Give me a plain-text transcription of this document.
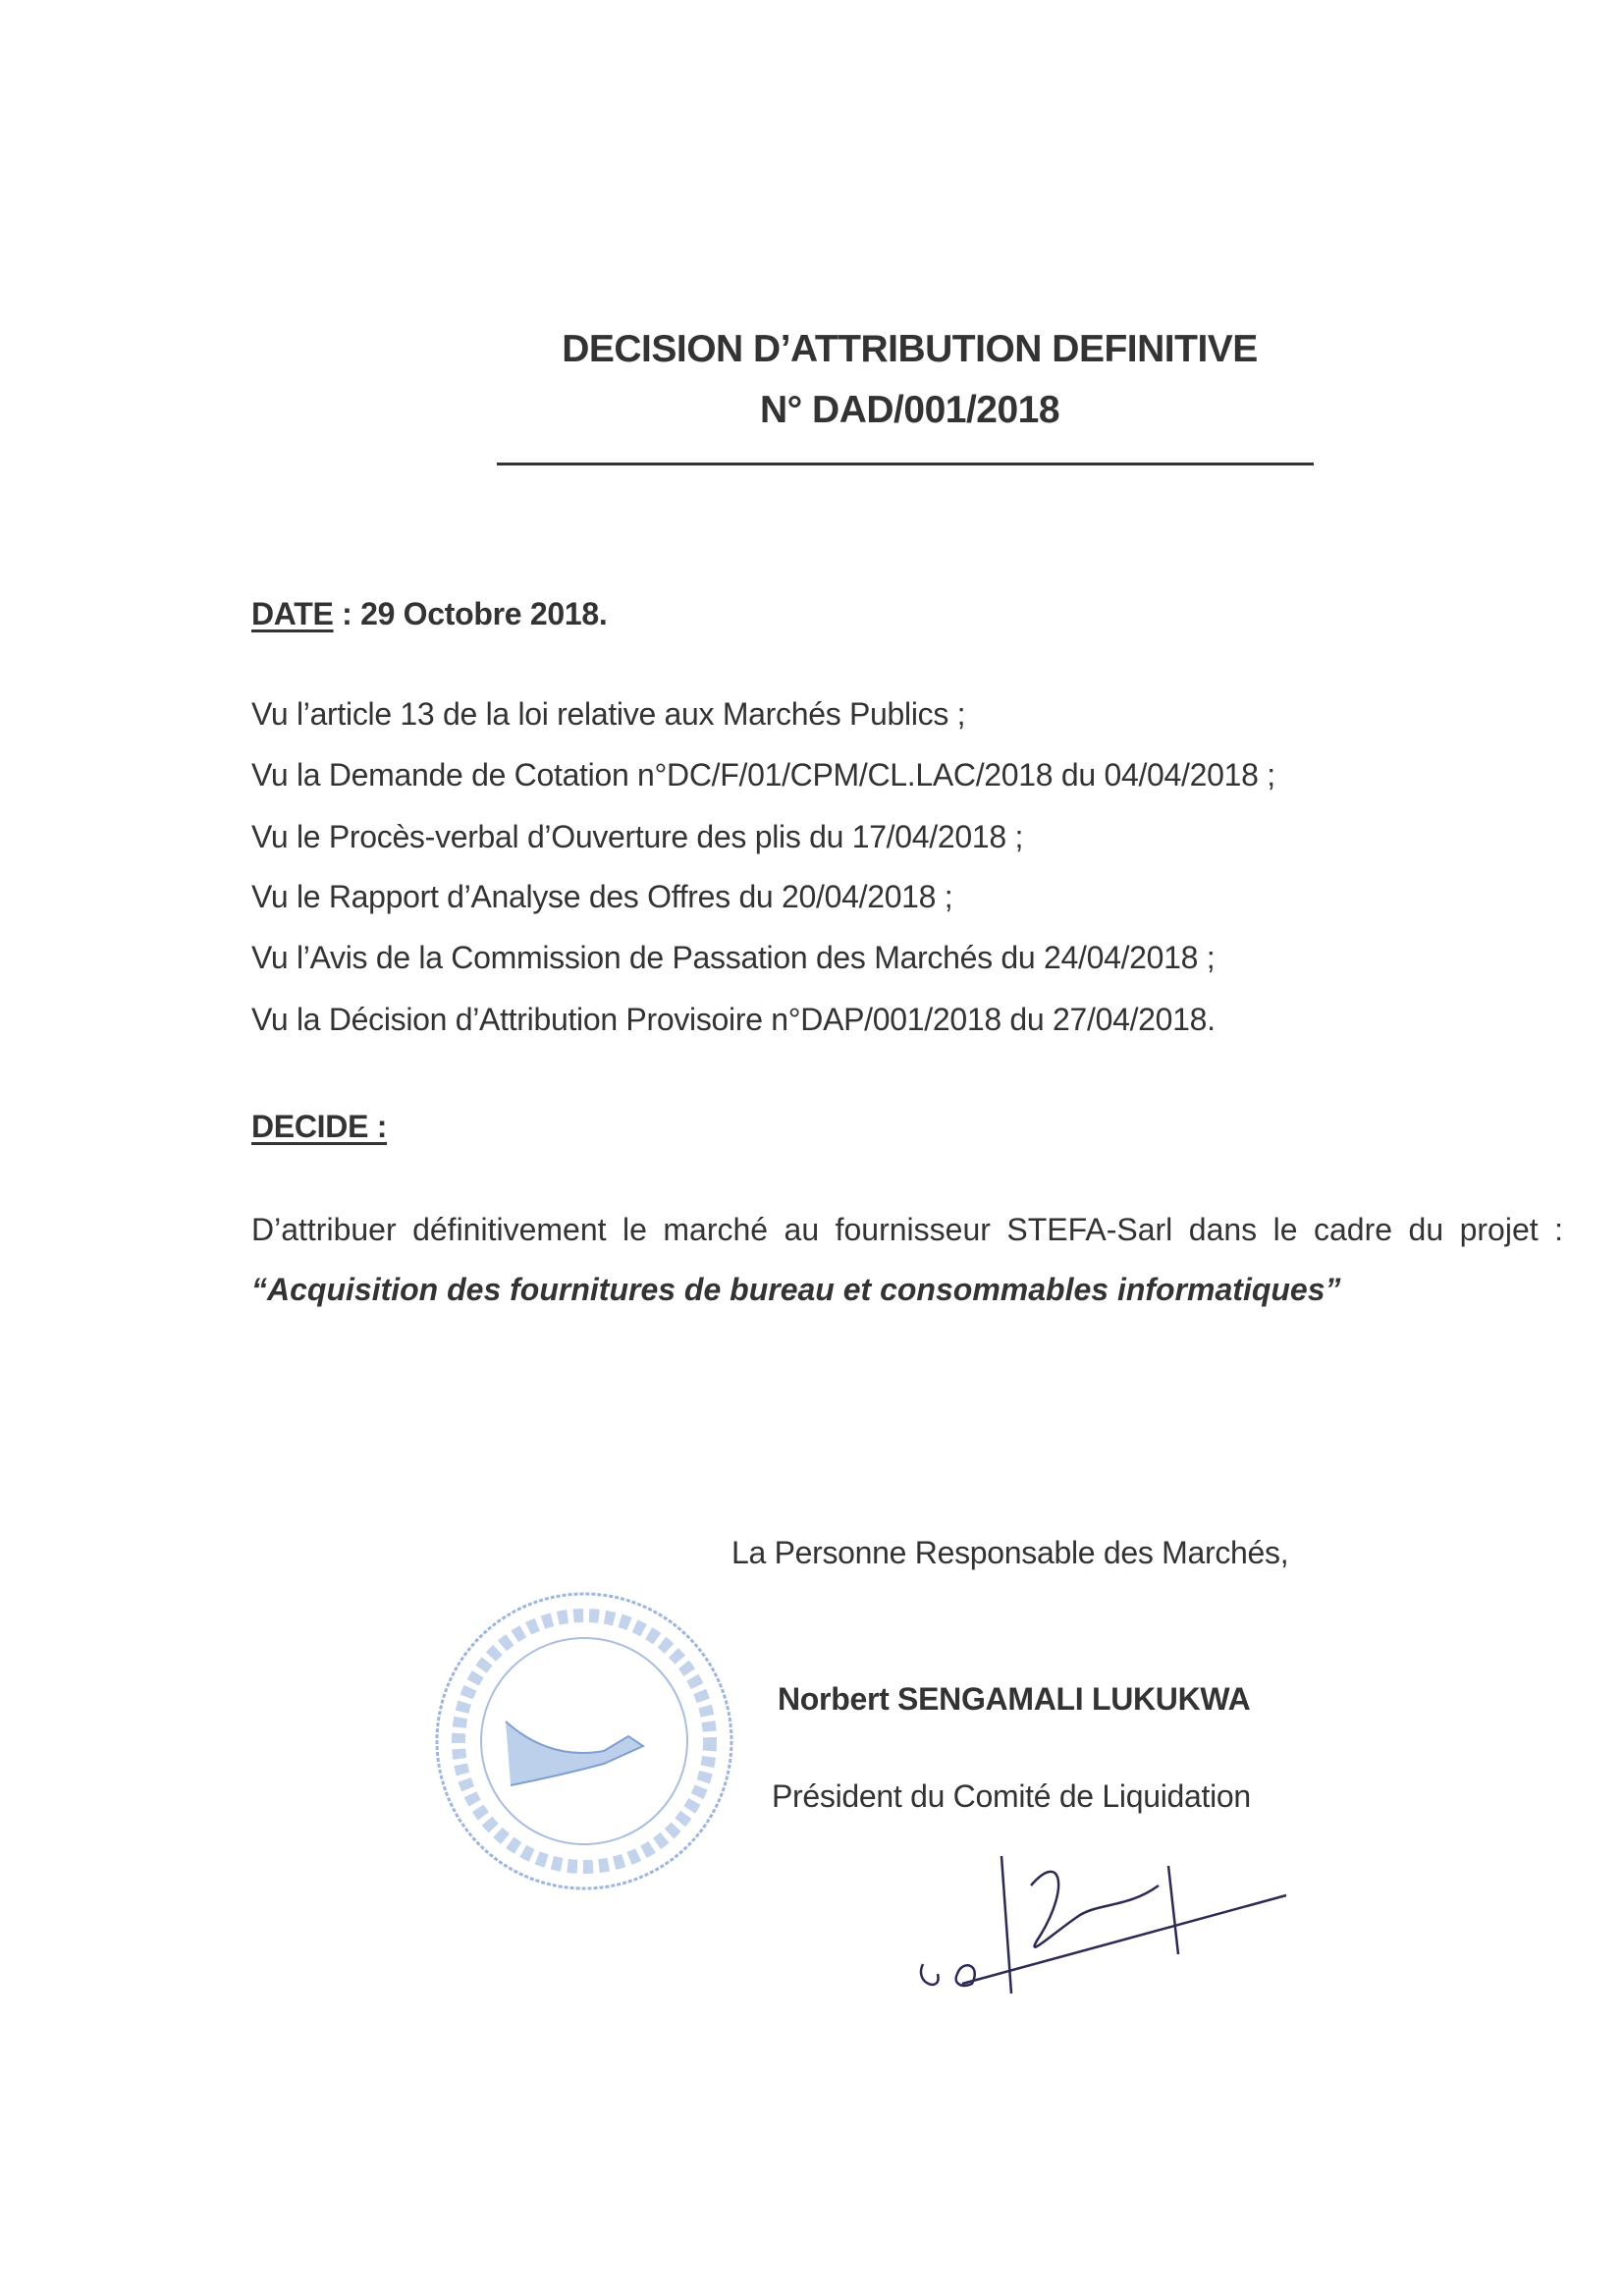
DECISION D’ATTRIBUTION DEFINITIVE
N° DAD/001/2018
DATE : 29 Octobre 2018.
Vu l’article 13 de la loi relative aux Marchés Publics ;
Vu la Demande de Cotation n°DC/F/01/CPM/CL.LAC/2018 du 04/04/2018 ;
Vu le Procès-verbal d’Ouverture des plis du 17/04/2018 ;
Vu le Rapport d’Analyse des Offres du 20/04/2018 ;
Vu l’Avis de la Commission de Passation des Marchés du 24/04/2018 ;
Vu la Décision d’Attribution Provisoire n°DAP/001/2018 du 27/04/2018.
DECIDE :
D’attribuer définitivement le marché au fournisseur STEFA-Sarl dans le cadre du projet : “Acquisition des fournitures de bureau et consommables informatiques”
La Personne Responsable des Marchés,
Norbert SENGAMALI LUKUKWA
Président du Comité de Liquidation
